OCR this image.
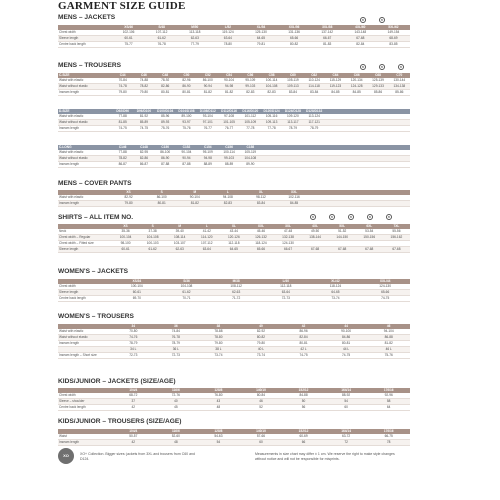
GARMENT SIZE GUIDE
MENS – JACKETS	B	B
	XS/46	S/48	M/50	L/52	XL/54	XXL/56	3XL/58	4XL/60	5XL/62
Chest width	102-106	107-112	113-118	119-124	125-130	131-136	137-142	143-148	149-154
Sleeve length	60-61	61-62	62-63	63-64	64-65	65-66	66-67	67-68	68-69
Centre back length	75-77	76-78	77-79	78-80	79-81	80-82	81-83	82-84	83-85
MENS – TROUSERS	B	B	B
C-SIZE	C44	C46	C48	C50	C52	C54	C56	C58	C60	C62	C64	C66	C68	C70
Waist with elastic	70-84	74-88	78-92	82-96	86-100	90-104	95-109	100-114	105-119	110-124	115-129	120-134	125-139	130-144
Waist without elastic	74-78	78-82	82-86	86-90	90-94	94-98	99-103	104-108	109-113	114-118	119-123	124-128	129-133	134-138
Inseam length	79-80	79-80	80-81	80-81	81-82	81-82	82-83	82-83	83-84	83-84	84-85	84-85	85-86	85-86
D-SIZE	D92/D96	D96/D100	D100/D104	D104/D108	D108/D112	D112/D116	D116/D120	D120/D124	D124/D128	D128/D132				
Waist with elastic	77-88	81-92	85-96	89-100	93-104	97-108	101-112	105-116	109-120	113-124				
Waist without elastic	81-85	85-89	89-93	93-97	97-101	101-105	105-109	109-113	113-117	117-121				
Inseam length	74-75	74-75	75-76	75-76	76-77	76-77	77-78	77-78	78-79	78-79				
C-LONG	C146	C148	C150	C152	C154	C156	C158							
Waist with elastic	77-88	82-95	86-100	90-104	95-109	100-114	105-119							
Waist without elastic	78-82	82-86	86-90	90-94	94-98	99-103	104-108							
Inseam length	86-87	86-87	87-88	87-88	88-89	88-89	89-90							
MENS – COVER PANTS
	XS	S	M	L	XL	XXL			
Waist with elastic	82-92	86-100	90-104	94-108	98-112	102-116			
Inseam length	79-80	80-81	81-82	82-83	83-84	84-85			
SHIRTS – ALL ITEM NO.	B	B	B	B	B
	XS	S	M	L	XL	XXL	3XL	4XL	5XL	6XL	7XL
Neck	35-36	37-38	39-40	41-42	43-44	45-46	47-48	49-50	51-52	53-54	55-56
Chest width – Regular	100-104	104-108	108-114	114-120	120-126	126-132	132-138	138-144	144-150	150-156	156-162
Chest width – Fitted size	98-100	100-103	103-107	107-112	112-118	118-124	124-130				
Sleeve length	60-61	61-62	62-63	63-64	64-65	65-66	66-67	67-68	67-68	67-68	67-68
WOMEN'S – JACKETS
	XS/34	S/36	M/38	L/40	XL/42	XXL/44
Chest width	100-104	104-108	108-112	112-118	118-124	124-130
Sleeve length	60-61	61-62	62-63	63-64	64-65	65-66
Centre back length	69-70	70-71	71-72	72-73	73-74	74-75
WOMEN'S – TROUSERS
	34	36	38	40	42	44	46
Waist with elastic	70-80	74-84	78-88	82-92	86-96	90-100	94-104
Waist without elastic	74-76	76-78	78-80	80-82	82-84	84-86	86-88
Inseam length	78-79	78-79	79-80	79-80	80-81	80-81	81-82
	34 L	36 L	38 L	40 L	42 L	44 L	46 L
Inseam length – Short size	72-73	72-73	73-74	73-74	74-75	74-75	75-76
KIDS/JUNIOR – JACKETS (SIZE/AGE)
	104/4	116/6	128/8	140/10	152/12	164/14	176/16
Chest width	68-72	72-76	76-80	80-84	84-88	88-92	92-96
Sleeve – shoulder	37	40	43	46	50	54	58
Centre back length	42	45	48	52	56	60	64
KIDS/JUNIOR – TROUSERS (SIZE/AGE)
	104/4	116/6	128/8	140/10	152/12	164/14	176/16
Waist	50-57	52-60	54-63	57-66	60-69	63-72	66-75
Inseam length	42	48	54	60	66	72	78
XO	XO+ Collection. Bigger sizes: jackets from 3XL and trousers from C60 and D124.
Measurements in size chart may differ ± 1 cm. We reserve the right to make style changes without notice and will not be responsible for misprints.
